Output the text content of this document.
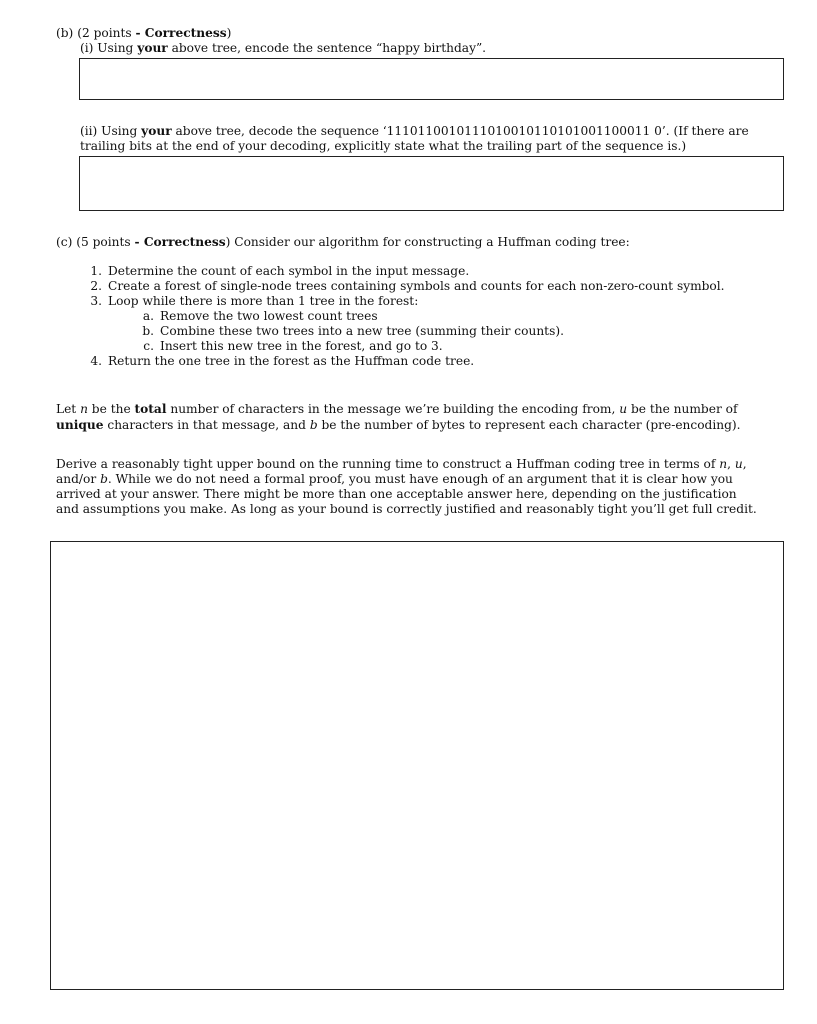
(b) (2 points - Correctness)
(i) Using your above tree, encode the sentence “happy birthday”.
(ii) Using your above tree, decode the sequence ‘1110110010111010010110101001100011 0’. (If there are
trailing bits at the end of your decoding, explicitly state what the trailing part of the sequence is.)
(c) (5 points - Correctness) Consider our algorithm for constructing a Huffman coding tree:
1. Determine the count of each symbol in the input message.
2. Create a forest of single-node trees containing symbols and counts for each non-zero-count symbol.
3. Loop while there is more than 1 tree in the forest:
a. Remove the two lowest count trees
b. Combine these two trees into a new tree (summing their counts).
c. Insert this new tree in the forest, and go to 3.
4. Return the one tree in the forest as the Huffman code tree.
Let n be the total number of characters in the message we’re building the encoding from, u be the number of
unique characters in that message, and b be the number of bytes to represent each character (pre-encoding).
Derive a reasonably tight upper bound on the running time to construct a Huffman coding tree in terms of n, u,
and/or b. While we do not need a formal proof, you must have enough of an argument that it is clear how you
arrived at your answer. There might be more than one acceptable answer here, depending on the justification
and assumptions you make. As long as your bound is correctly justified and reasonably tight you’ll get full credit.
